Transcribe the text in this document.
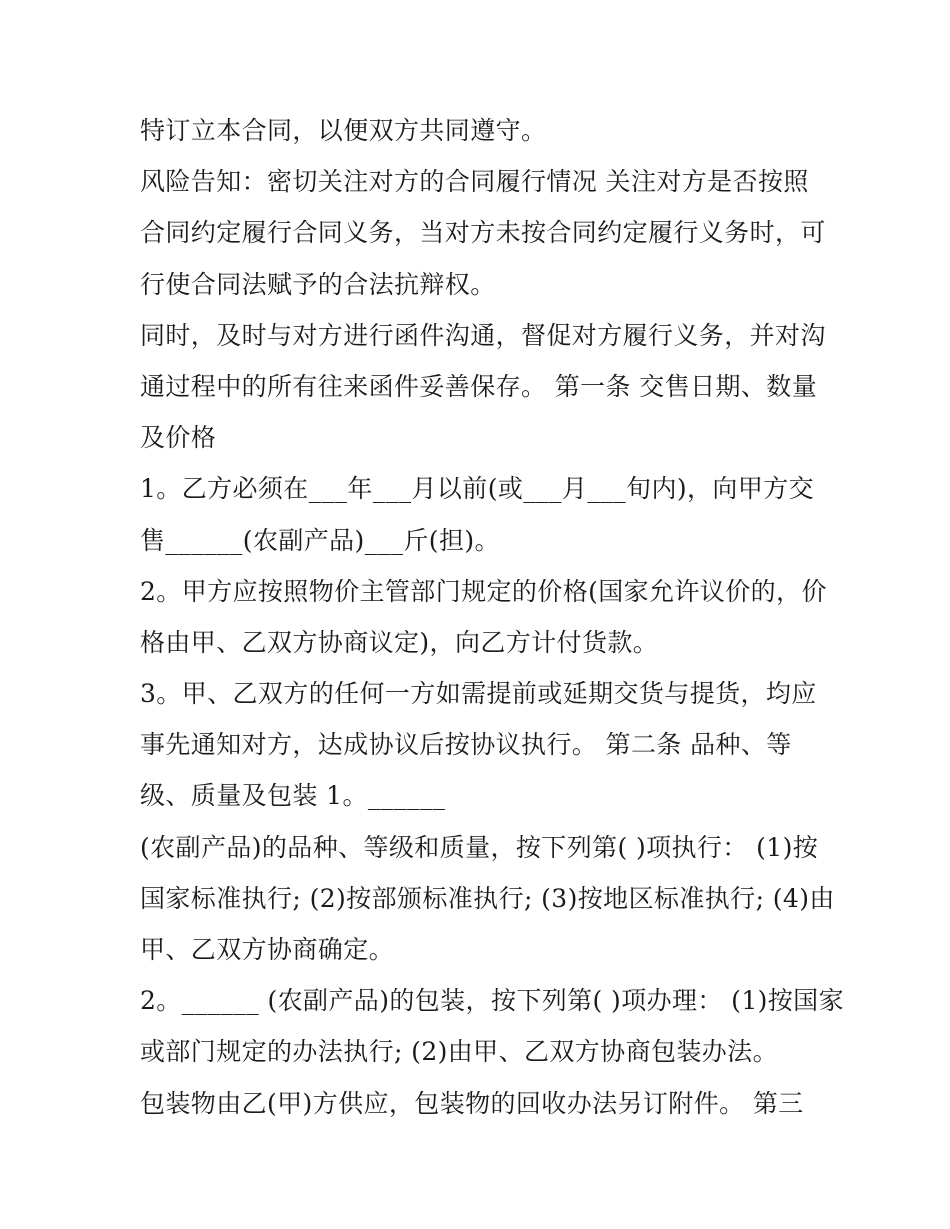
特订立本合同，以便双方共同遵守。
风险告知：密切关注对方的合同履行情况 关注对方是否按照
合同约定履行合同义务，当对方未按合同约定履行义务时，可
行使合同法赋予的合法抗辩权。
同时，及时与对方进行函件沟通，督促对方履行义务，并对沟
通过程中的所有往来函件妥善保存。 第一条 交售日期、数量
及价格
1。乙方必须在___年___月以前(或___月___旬内)，向甲方交
售______(农副产品)___斤(担)。
2。甲方应按照物价主管部门规定的价格(国家允许议价的，价
格由甲、乙双方协商议定)，向乙方计付货款。
3。甲、乙双方的任何一方如需提前或延期交货与提货，均应
事先通知对方，达成协议后按协议执行。 第二条 品种、等
级、质量及包装 1。______
(农副产品)的品种、等级和质量，按下列第( )项执行： (1)按
国家标准执行; (2)按部颁标准执行; (3)按地区标准执行; (4)由
甲、乙双方协商确定。
2。______ (农副产品)的包装，按下列第( )项办理： (1)按国家
或部门规定的办法执行; (2)由甲、乙双方协商包装办法。
包装物由乙(甲)方供应，包装物的回收办法另订附件。 第三
